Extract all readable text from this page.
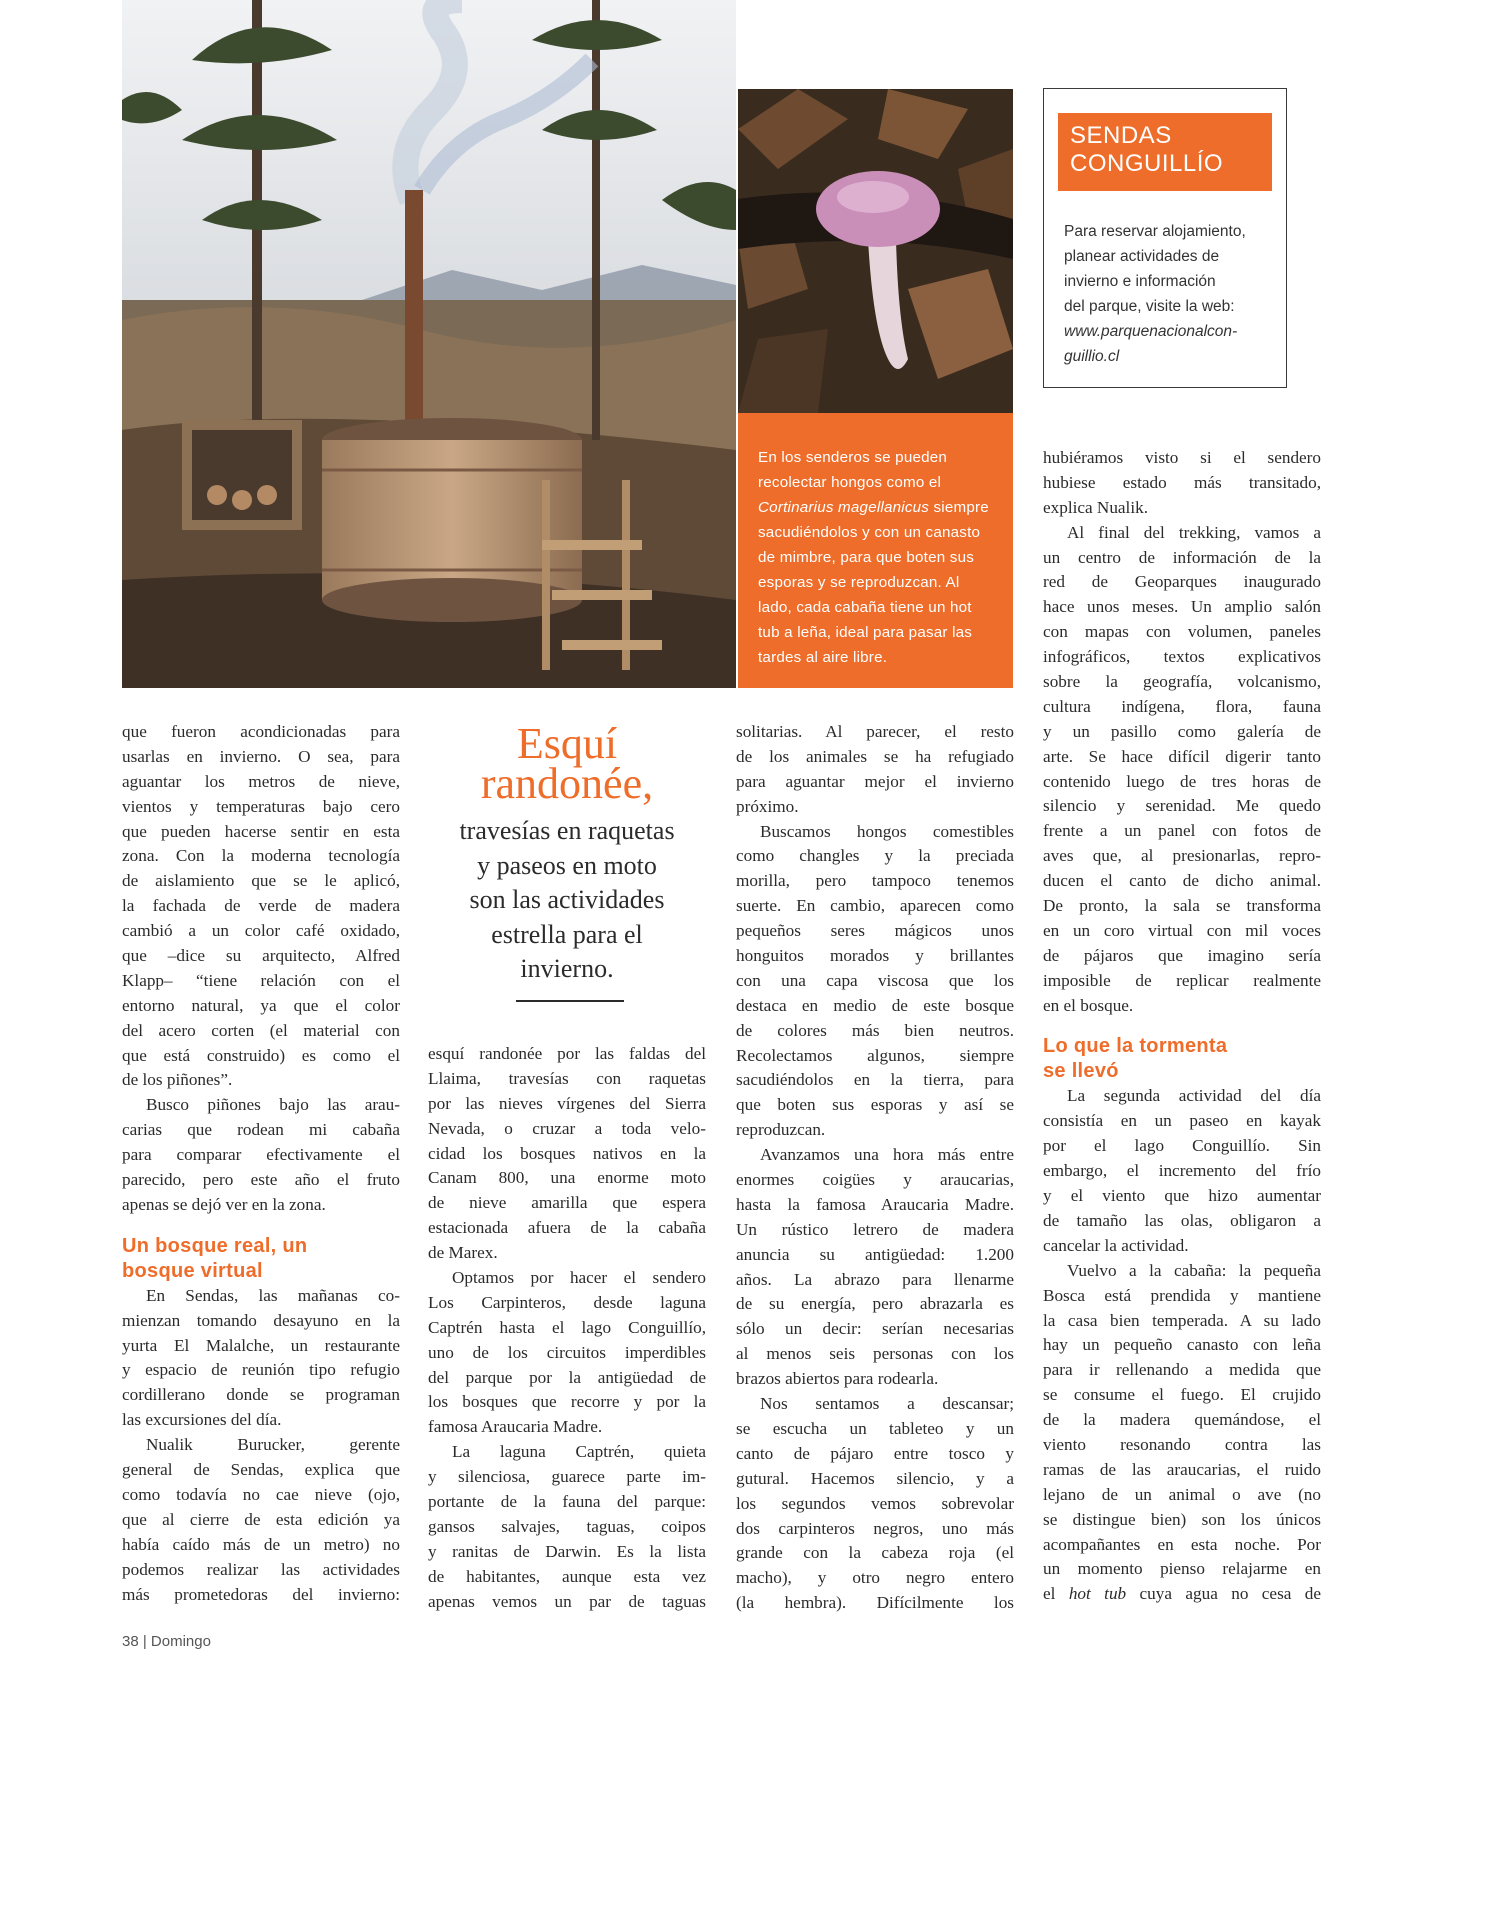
En los senderos se pueden
recolectar hongos como el
Cortinarius magellanicus siempre
sacudiéndolos y con un canasto
de mimbre, para que boten sus
esporas y se reproduzcan. Al
lado, cada cabaña tiene un hot
tub a leña, ideal para pasar las
tardes al aire libre.
SENDAS
CONGUILLÍO
Para reservar alojamiento,
planear actividades de
invierno e información
del parque, visite la web:
www.parquenacionalcon-
guillio.cl
que fueron acondicionadas para
usarlas en invierno. O sea, para
aguantar los metros de nieve,
vientos y temperaturas bajo cero
que pueden hacerse sentir en esta
zona. Con la moderna tecnología
de aislamiento que se le aplicó,
la fachada de verde de madera
cambió a un color café oxidado,
que –dice su arquitecto, Alfred
Klapp– “tiene relación con el
entorno natural, ya que el color
del acero corten (el material con
que está construido) es como el
de los piñones”.
Busco piñones bajo las arau-
carias que rodean mi cabaña
para comparar efectivamente el
parecido, pero este año el fruto
apenas se dejó ver en la zona.
Un bosque real, un
bosque virtual
En Sendas, las mañanas co-
mienzan tomando desayuno en la
yurta El Malalche, un restaurante
y espacio de reunión tipo refugio
cordillerano donde se programan
las excursiones del día.
Nualik Burucker, gerente
general de Sendas, explica que
como todavía no cae nieve (ojo,
que al cierre de esta edición ya
había caído más de un metro) no
podemos realizar las actividades
más prometedoras del invierno:
Esquí
randonée,
travesías en raquetas
y paseos en moto
son las actividades
estrella para el
invierno.
esquí randonée por las faldas del
Llaima, travesías con raquetas
por las nieves vírgenes del Sierra
Nevada, o cruzar a toda velo-
cidad los bosques nativos en la
Canam 800, una enorme moto
de nieve amarilla que espera
estacionada afuera de la cabaña
de Marex.
Optamos por hacer el sendero
Los Carpinteros, desde laguna
Captrén hasta el lago Conguillío,
uno de los circuitos imperdibles
del parque por la antigüedad de
los bosques que recorre y por la
famosa Araucaria Madre.
La laguna Captrén, quieta
y silenciosa, guarece parte im-
portante de la fauna del parque:
gansos salvajes, taguas, coipos
y ranitas de Darwin. Es la lista
de habitantes, aunque esta vez
apenas vemos un par de taguas
solitarias. Al parecer, el resto
de los animales se ha refugiado
para aguantar mejor el invierno
próximo.
Buscamos hongos comestibles
como changles y la preciada
morilla, pero tampoco tenemos
suerte. En cambio, aparecen como
pequeños seres mágicos unos
honguitos morados y brillantes
con una capa viscosa que los
destaca en medio de este bosque
de colores más bien neutros.
Recolectamos algunos, siempre
sacudiéndolos en la tierra, para
que boten sus esporas y así se
reproduzcan.
Avanzamos una hora más entre
enormes coigües y araucarias,
hasta la famosa Araucaria Madre.
Un rústico letrero de madera
anuncia su antigüedad: 1.200
años. La abrazo para llenarme
de su energía, pero abrazarla es
sólo un decir: serían necesarias
al menos seis personas con los
brazos abiertos para rodearla.
Nos sentamos a descansar;
se escucha un tableteo y un
canto de pájaro entre tosco y
gutural. Hacemos silencio, y a
los segundos vemos sobrevolar
dos carpinteros negros, uno más
grande con la cabeza roja (el
macho), y otro negro entero
(la hembra). Difícilmente los
hubiéramos visto si el sendero
hubiese estado más transitado,
explica Nualik.
Al final del trekking, vamos a
un centro de información de la
red de Geoparques inaugurado
hace unos meses. Un amplio salón
con mapas con volumen, paneles
infográficos, textos explicativos
sobre la geografía, volcanismo,
cultura indígena, flora, fauna
y un pasillo como galería de
arte. Se hace difícil digerir tanto
contenido luego de tres horas de
silencio y serenidad. Me quedo
frente a un panel con fotos de
aves que, al presionarlas, repro-
ducen el canto de dicho animal.
De pronto, la sala se transforma
en un coro virtual con mil voces
de pájaros que imagino sería
imposible de replicar realmente
en el bosque.
Lo que la tormenta
se llevó
La segunda actividad del día
consistía en un paseo en kayak
por el lago Conguillío. Sin
embargo, el incremento del frío
y el viento que hizo aumentar
de tamaño las olas, obligaron a
cancelar la actividad.
Vuelvo a la cabaña: la pequeña
Bosca está prendida y mantiene
la casa bien temperada. A su lado
hay un pequeño canasto con leña
para ir rellenando a medida que
se consume el fuego. El crujido
de la madera quemándose, el
viento resonando contra las
ramas de las araucarias, el ruido
lejano de un animal o ave (no
se distingue bien) son los únicos
acompañantes en esta noche. Por
un momento pienso relajarme en
el hot tub cuya agua no cesa de
38 | Domingo
